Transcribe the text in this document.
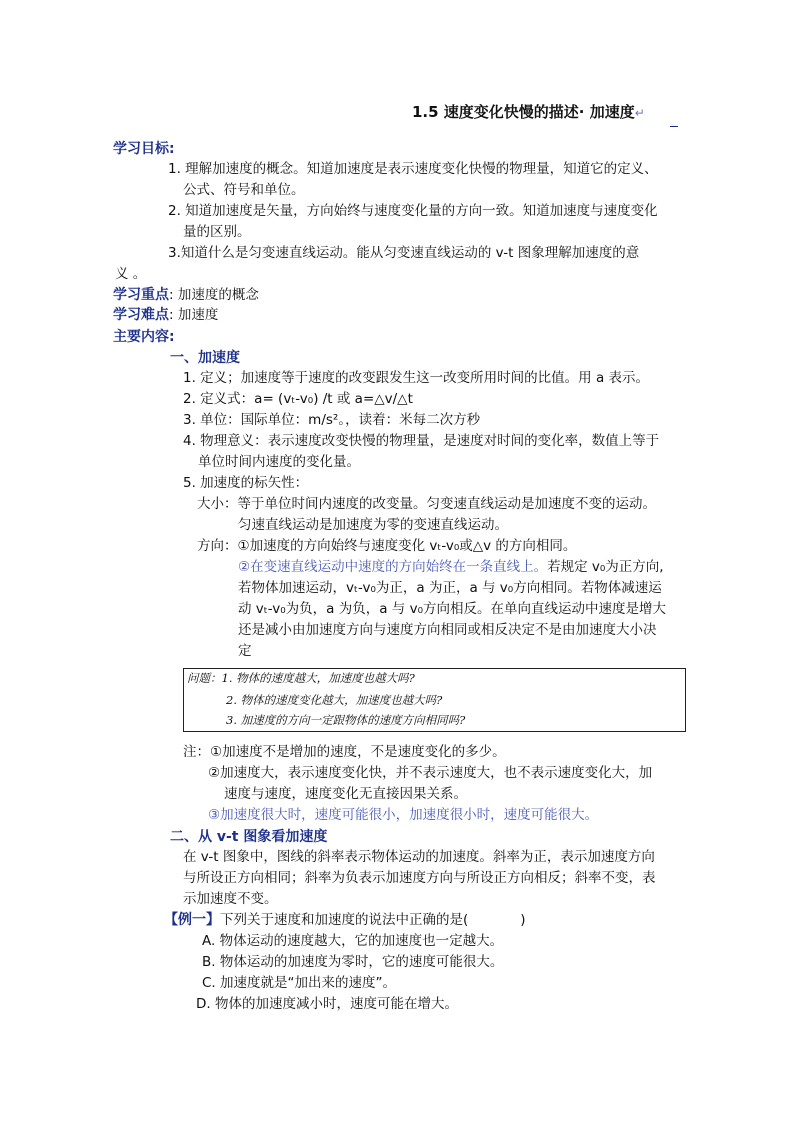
1.5 速度变化快慢的描述· 加速度↵
学习目标:
1. 理解加速度的概念。知道加速度是表示速度变化快慢的物理量，知道它的定义、
公式、符号和单位。
2. 知道加速度是矢量，方向始终与速度变化量的方向一致。知道加速度与速度变化
量的区别。
3.知道什么是匀变速直线运动。能从匀变速直线运动的 v-t 图象理解加速度的意
义 。
学习重点: 加速度的概念
学习难点: 加速度
主要内容:
一、加速度
1. 定义；加速度等于速度的改变跟发生这一改变所用时间的比值。用 a 表示。
2. 定义式：a= (vₜ-v₀) /t 或 a=△v/△t
3. 单位：国际单位：m/s²。，读着：米每二次方秒
4. 物理意义：表示速度改变快慢的物理量，是速度对时间的变化率，数值上等于
单位时间内速度的变化量。
5. 加速度的标矢性：
大小：等于单位时间内速度的改变量。匀变速直线运动是加速度不变的运动。
匀速直线运动是加速度为零的变速直线运动。
方向：①加速度的方向始终与速度变化 vₜ-v₀或△v 的方向相同。
②在变速直线运动中速度的方向始终在一条直线上。若规定 v₀为正方向,
若物体加速运动，vₜ-v₀为正，a 为正，a 与 v₀方向相同。若物体减速运
动 vₜ-v₀为负，a 为负，a 与 v₀方向相反。在单向直线运动中速度是增大
还是减小由加速度方向与速度方向相同或相反决定不是由加速度大小决
定
问题：1. 物体的速度越大，加速度也越大吗?
2. 物体的速度变化越大，加速度也越大吗?
3. 加速度的方向一定跟物体的速度方向相同吗?
注：①加速度不是增加的速度，不是速度变化的多少。
②加速度大，表示速度变化快，并不表示速度大，也不表示速度变化大，加
速度与速度，速度变化无直接因果关系。
③加速度很大时，速度可能很小，加速度很小时，速度可能很大。
二、从 v-t 图象看加速度
在 v-t 图象中，图线的斜率表示物体运动的加速度。斜率为正，表示加速度方向
与所设正方向相同；斜率为负表示加速度方向与所设正方向相反；斜率不变，表
示加速度不变。
【例一】下列关于速度和加速度的说法中正确的是(	)
A. 物体运动的速度越大，它的加速度也一定越大。
B. 物体运动的加速度为零时，它的速度可能很大。
C. 加速度就是“加出来的速度”。
D. 物体的加速度减小时，速度可能在增大。
